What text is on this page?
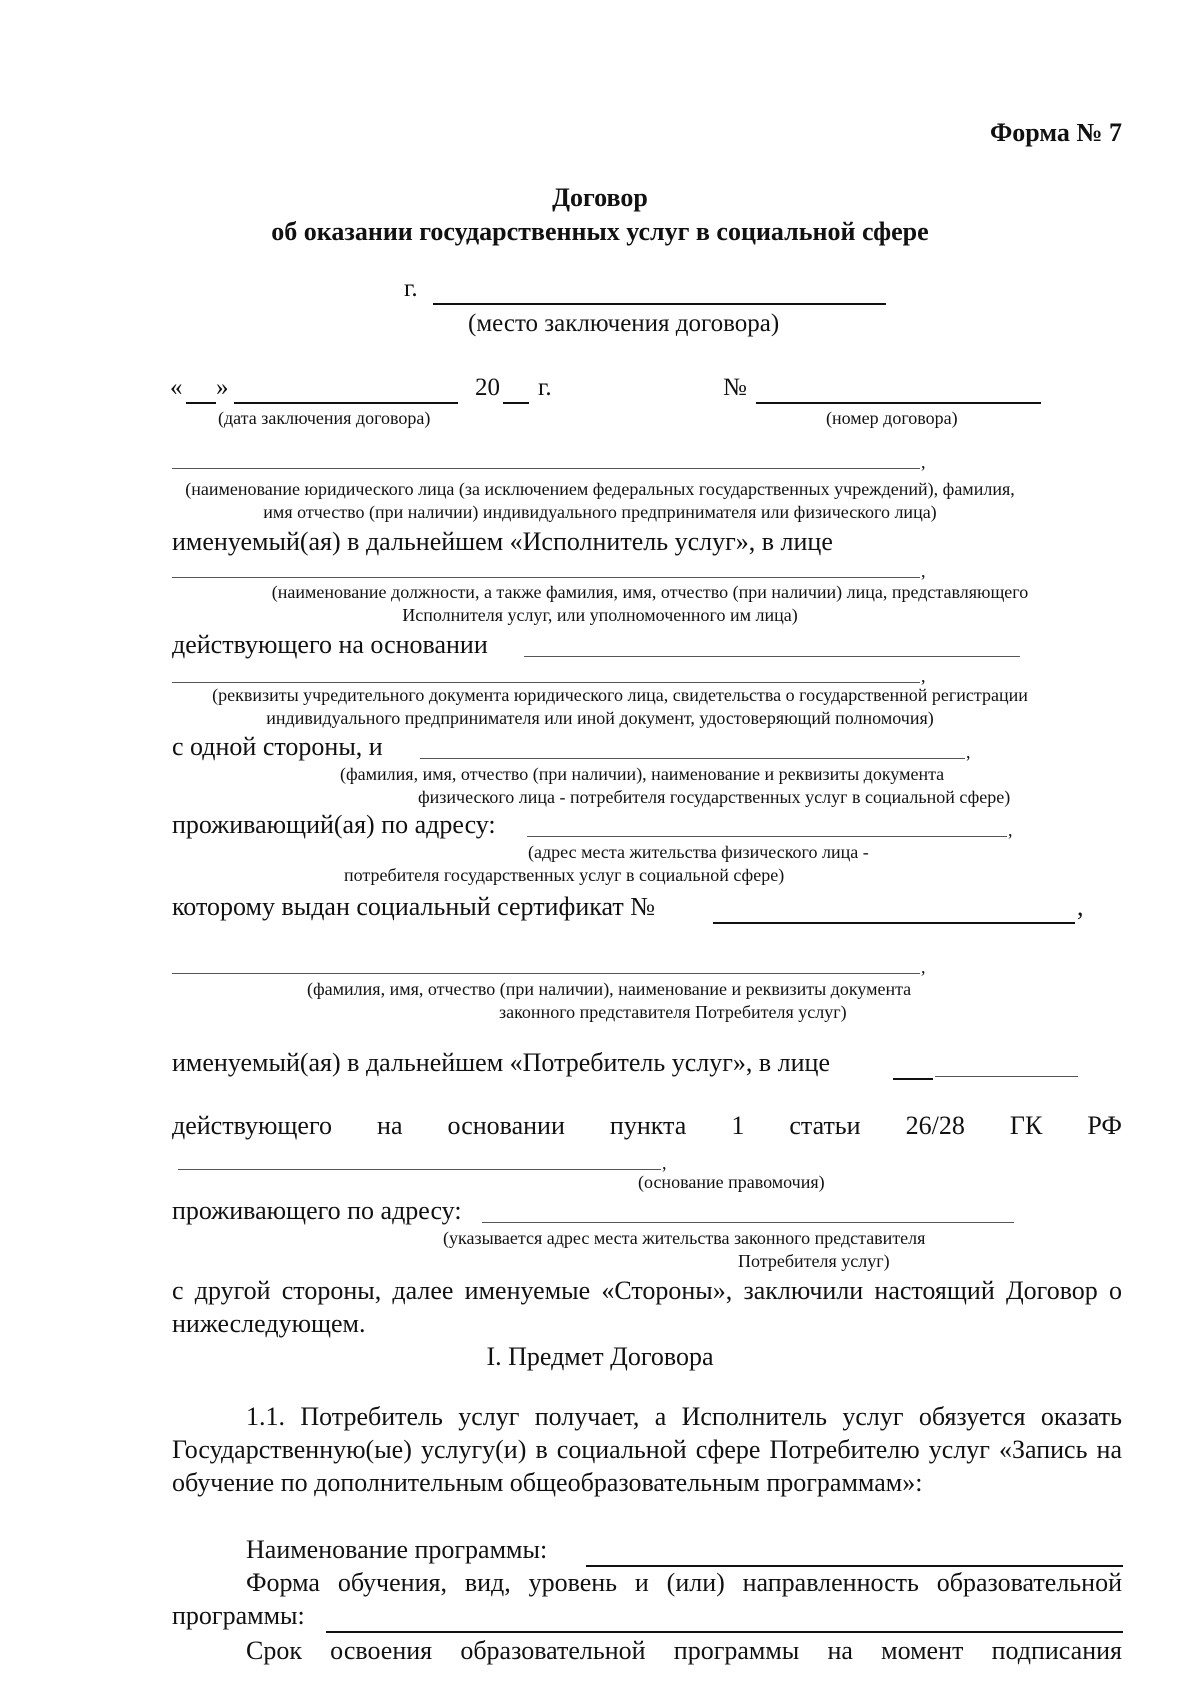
Форма № 7
Договор
об оказании государственных услуг в социальной сфере
г.
(место заключения договора)
« »	20 г.
(дата заключения договора)
№
(номер договора)
,
(наименование юридического лица (за исключением федеральных государственных учреждений), фамилия,
имя отчество (при наличии) индивидуального предпринимателя или физического лица)
именуемый(ая) в дальнейшем «Исполнитель услуг», в лице
,
(наименование должности, а также фамилия, имя, отчество (при наличии) лица, представляющего
Исполнителя услуг, или уполномоченного им лица)
действующего на основании
,
(реквизиты учредительного документа юридического лица, свидетельства о государственной регистрации
индивидуального предпринимателя или иной документ, удостоверяющий полномочия)
с одной стороны, и	,
(фамилия, имя, отчество (при наличии), наименование и реквизиты документа
физического лица - потребителя государственных услуг в социальной сфере)
проживающий(ая) по адресу:	,
(адрес места жительства физического лица -
потребителя государственных услуг в социальной сфере)
которому выдан социальный сертификат №	,
,
(фамилия, имя, отчество (при наличии), наименование и реквизиты документа
законного представителя Потребителя услуг)
именуемый(ая) в дальнейшем «Потребитель услуг», в лице
действующего на основании пункта 1 статьи 26/28 ГК РФ
,
(основание правомочия)
проживающего по адресу:
(указывается адрес места жительства законного представителя
Потребителя услуг)
с другой стороны, далее именуемые «Стороны», заключили настоящий Договор о нижеследующем.
I. Предмет Договора
1.1. Потребитель услуг получает, а Исполнитель услуг обязуется оказать Государственную(ые) услугу(и) в социальной сфере Потребителю услуг «Запись на обучение по дополнительным общеобразовательным программам»:
Наименование программы:
Форма обучения, вид, уровень и (или) направленность образовательной
программы:
Срок освоения образовательной программы на момент подписания
